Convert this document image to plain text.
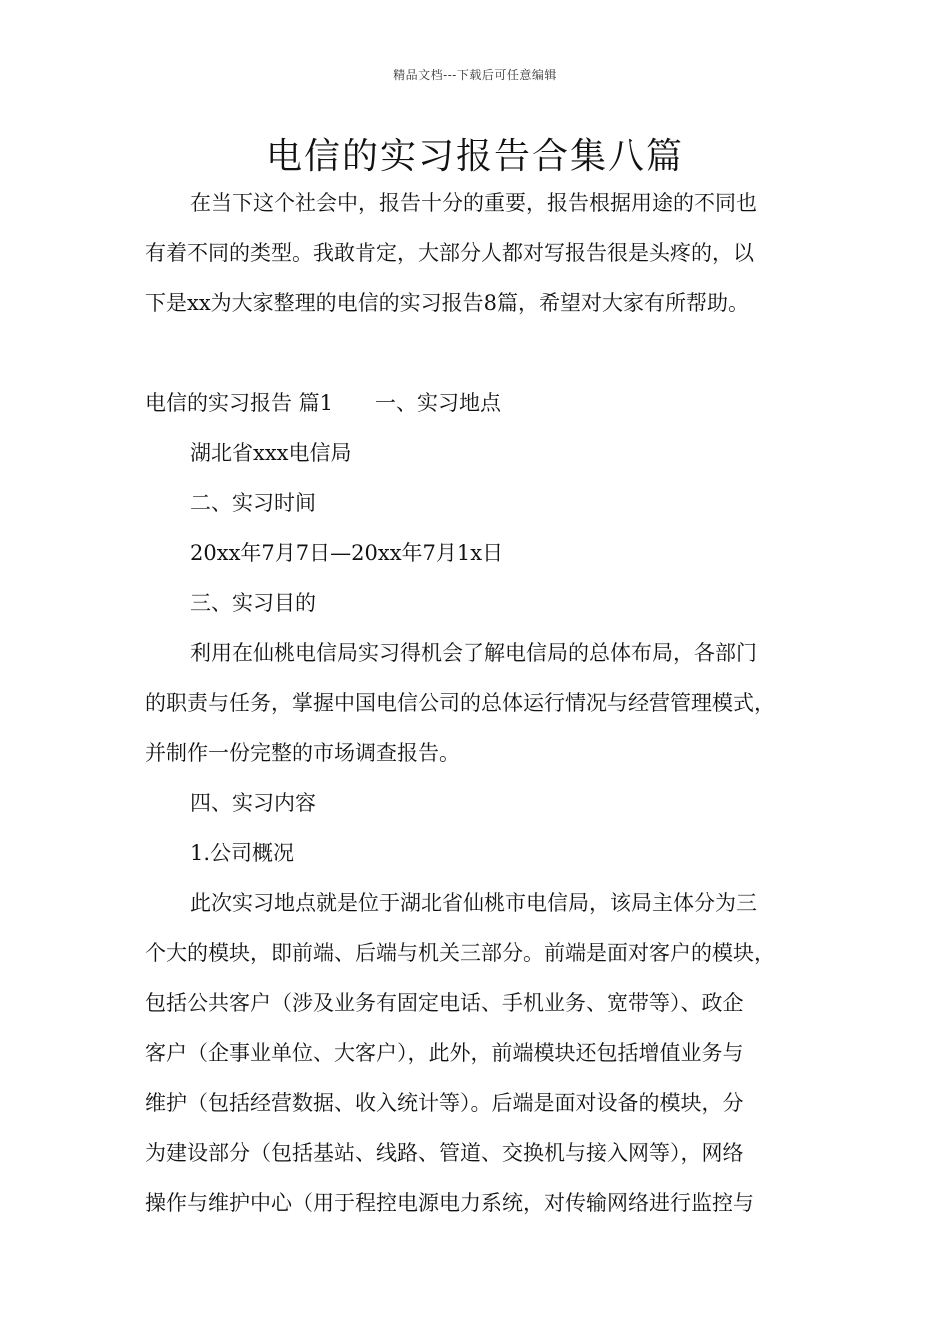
精品文档---下载后可任意编辑
电信的实习报告合集八篇
在当下这个社会中，报告十分的重要，报告根据用途的不同也
有着不同的类型。我敢肯定，大部分人都对写报告很是头疼的，以
下是xx为大家整理的电信的实习报告8篇，希望对大家有所帮助。
电信的实习报告 篇1 一、实习地点
湖北省xxx电信局
二、实习时间
20xx年7月7日—20xx年7月1x日
三、实习目的
利用在仙桃电信局实习得机会了解电信局的总体布局，各部门
的职责与任务，掌握中国电信公司的总体运行情况与经营管理模式，
并制作一份完整的市场调查报告。
四、实习内容
1.公司概况
此次实习地点就是位于湖北省仙桃市电信局，该局主体分为三
个大的模块，即前端、后端与机关三部分。前端是面对客户的模块，
包括公共客户（涉及业务有固定电话、手机业务、宽带等）、政企
客户（企事业单位、大客户），此外，前端模块还包括增值业务与
维护（包括经营数据、收入统计等）。后端是面对设备的模块，分
为建设部分（包括基站、线路、管道、交换机与接入网等），网络
操作与维护中心（用于程控电源电力系统，对传输网络进行监控与
